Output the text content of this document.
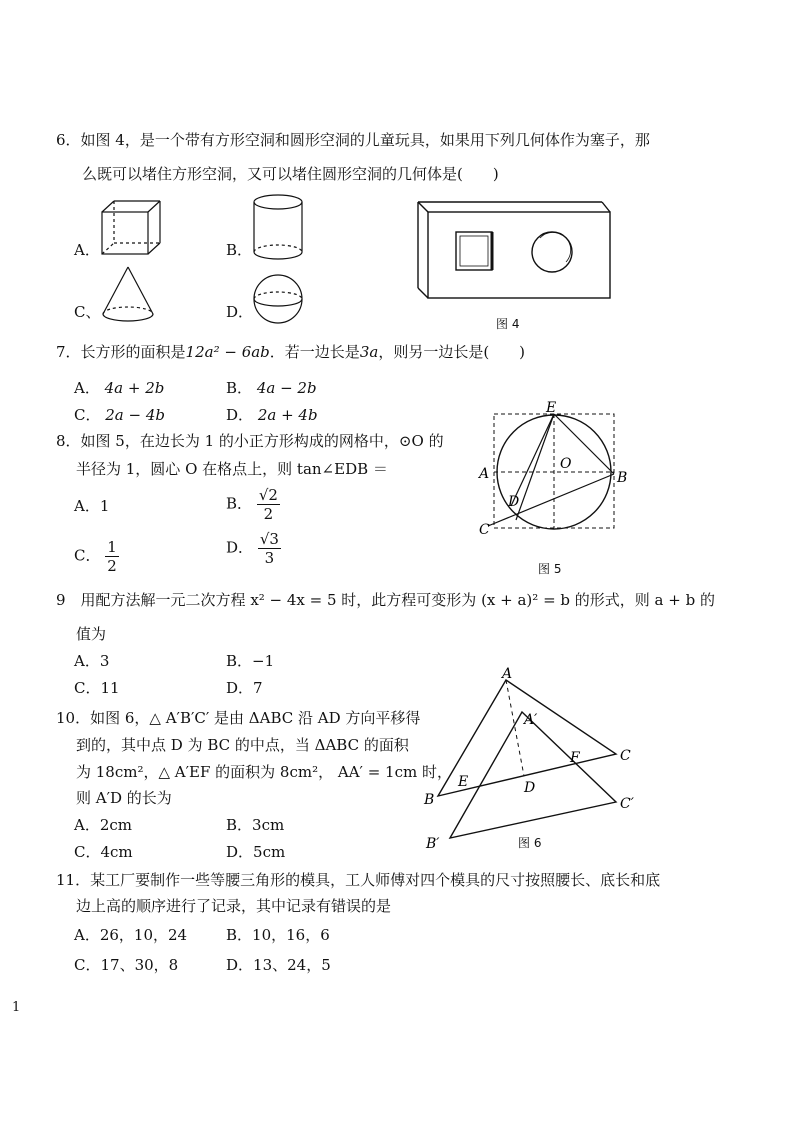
6．如图 4，是一个带有方形空洞和圆形空洞的儿童玩具，如果用下列几何体作为塞子，那
么既可以堵住方形空洞，又可以堵住圆形空洞的几何体是(　　)
A．	B．
C、	D．
图 4
7．长方形的面积是12a² − 6ab．若一边长是3a，则另一边长是(　　)
A． 4a + 2b	B． 4a − 2b
C． 2a − 4b	D． 2a + 4b
8．如图 5，在边长为 1 的小正方形构成的网格中，⊙O 的
半径为 1，圆心 O 在格点上，则 tan∠EDB ＝
A．1	B． $\frac{√2}{2}$
C． $\frac{1}{2}$	D． $\frac{√3}{3}$
E
O
A	B
D
C
图 5
9　用配方法解一元二次方程 x² − 4x = 5 时，此方程可变形为 (x + a)² = b 的形式，则 a + b 的
值为
A．3	B．−1
C．11	D．7
10．如图 6，△ A′B′C′ 是由 ΔABC 沿 AD 方向平移得
到的，其中点 D 为 BC 的中点，当 ΔABC 的面积
为 18cm²，△ A′EF 的面积为 8cm²， AA′ = 1cm 时，
则 A′D 的长为
A．2cm	B．3cm
C．4cm	D．5cm
A
A′
B
C
E
F
D
B′
C′
图 6
11．某工厂要制作一些等腰三角形的模具，工人师傅对四个模具的尺寸按照腰长、底长和底
边上高的顺序进行了记录，其中记录有错误的是
A．26，10，24	B．10，16，6
C．17、30，8	D．13、24，5
1
